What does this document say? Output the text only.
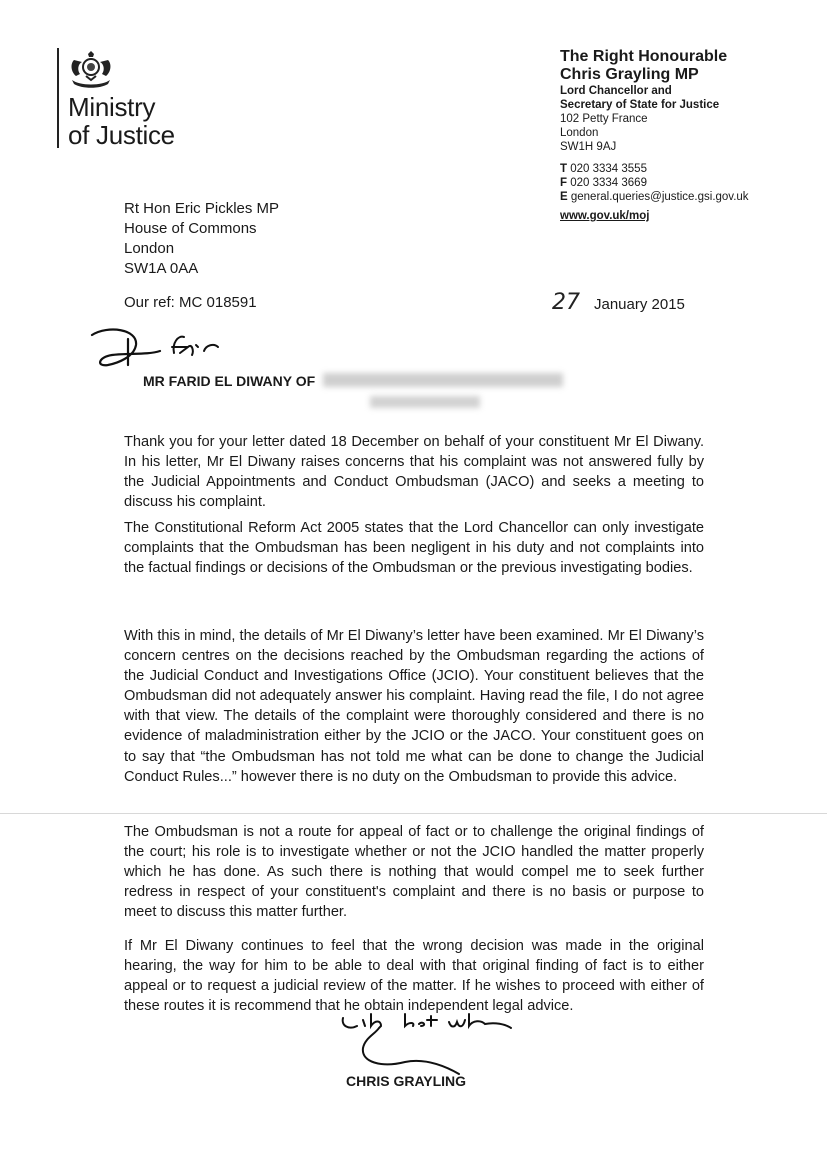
Ministry
of Justice
The Right Honourable
Chris Grayling MP
Lord Chancellor and
Secretary of State for Justice
102 Petty France
London
SW1H 9AJ
T 020 3334 3555
F 020 3334 3669
E general.queries@justice.gsi.gov.uk
www.gov.uk/moj
Rt Hon Eric Pickles MP
House of Commons
London
SW1A 0AA
Our ref: MC 018591	27 January 2015
MR FARID EL DIWANY OF
Thank you for your letter dated 18 December on behalf of your constituent Mr El Diwany. In his letter, Mr El Diwany raises concerns that his complaint was not answered fully by the Judicial Appointments and Conduct Ombudsman (JACO) and seeks a meeting to discuss his complaint.
The Constitutional Reform Act 2005 states that the Lord Chancellor can only investigate complaints that the Ombudsman has been negligent in his duty and not complaints into the factual findings or decisions of the Ombudsman or the previous investigating bodies.
With this in mind, the details of Mr El Diwany’s letter have been examined. Mr El Diwany’s concern centres on the decisions reached by the Ombudsman regarding the actions of the Judicial Conduct and Investigations Office (JCIO). Your constituent believes that the Ombudsman did not adequately answer his complaint. Having read the file, I do not agree with that view. The details of the complaint were thoroughly considered and there is no evidence of maladministration either by the JCIO or the JACO. Your constituent goes on to say that “the Ombudsman has not told me what can be done to change the Judicial Conduct Rules...” however there is no duty on the Ombudsman to provide this advice.
The Ombudsman is not a route for appeal of fact or to challenge the original findings of the court; his role is to investigate whether or not the JCIO handled the matter properly which he has done. As such there is nothing that would compel me to seek further redress in respect of your constituent's complaint and there is no basis or purpose to meet to discuss this matter further.
If Mr El Diwany continues to feel that the wrong decision was made in the original hearing, the way for him to be able to deal with that original finding of fact is to either appeal or to request a judicial review of the matter. If he wishes to proceed with either of these routes it is recommend that he obtain independent legal advice.
CHRIS GRAYLING
